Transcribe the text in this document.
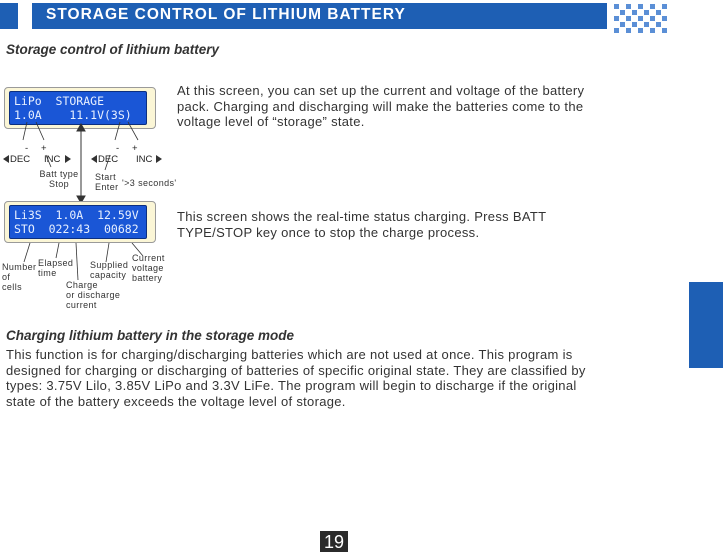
STORAGE CONTROL OF LITHIUM BATTERY
Storage control of lithium battery
LiPo  STORAGE
1.0A    11.1V(3S)
At this screen, you can set up the current and voltage of the battery
pack. Charging and discharging will make the batteries come to the
voltage level of “storage” state.
- +	- +
DEC INC	DEC INC
Batt type
Stop
Start
Enter '>3 seconds'
Li3S  1.0A  12.59V
STO  022:43  00682
This screen shows the real-time status charging. Press BATT
TYPE/STOP key once to stop the charge process.
Number
of
cells
Elapsed
time
Charge
or discharge
current
Supplied
capacity
Current
voltage
battery
Charging lithium battery in the storage mode
This function is for charging/discharging batteries which are not used at once. This program is
designed for charging or discharging of batteries of specific original state. They are classified by
types: 3.75V Lilo, 3.85V LiPo and 3.3V LiFe. The program will begin to discharge if the original
state of the battery exceeds the voltage level of storage.
19
